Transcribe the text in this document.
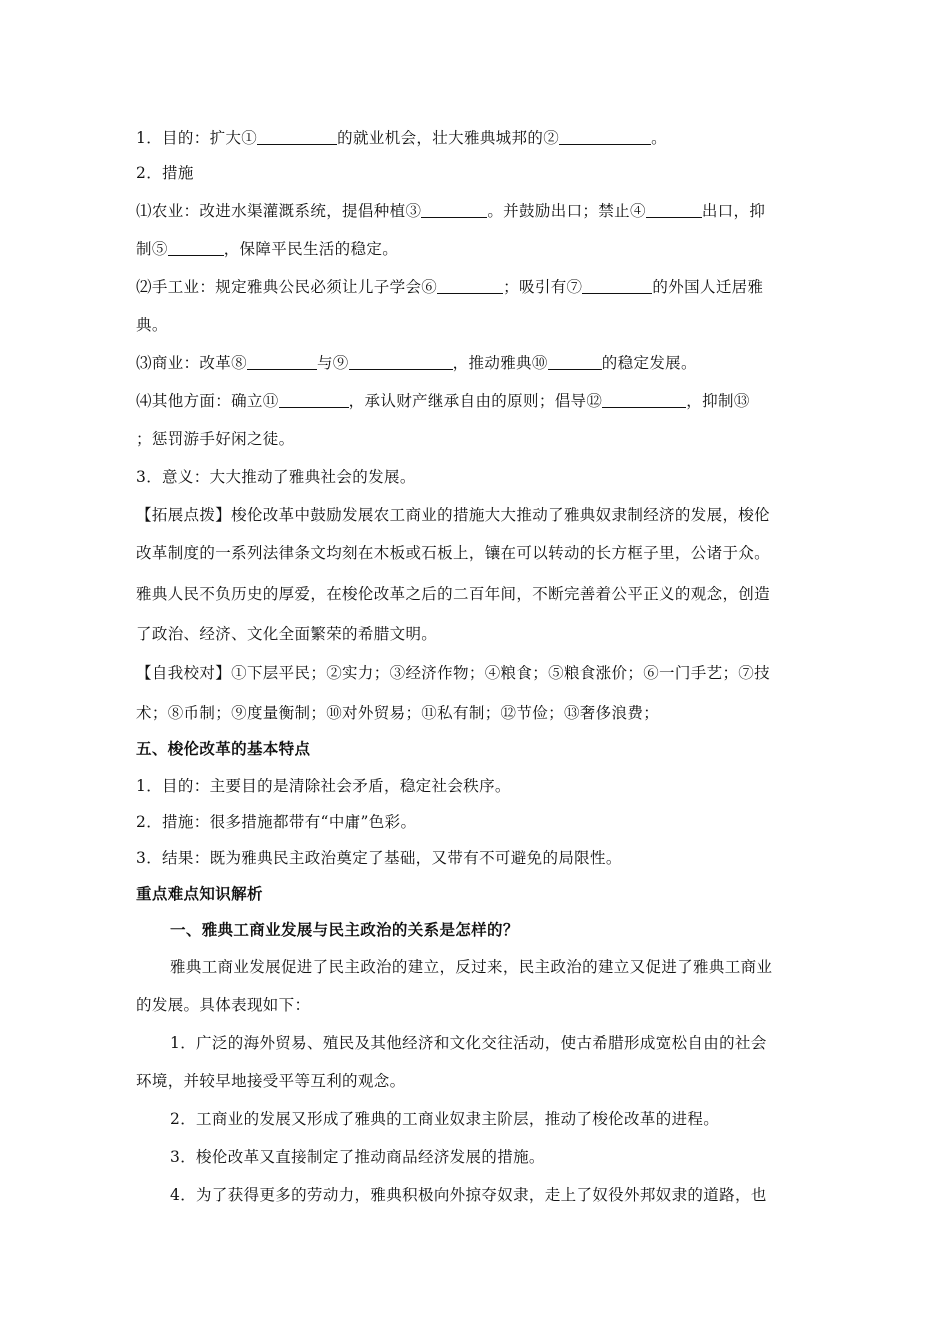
1．目的：扩大①	的就业机会，壮大雅典城邦的②	。
2．措施
⑴农业：改进水渠灌溉系统，提倡种植③	。并鼓励出口；禁止④	出口，抑
制⑤	，保障平民生活的稳定。
⑵手工业：规定雅典公民必须让儿子学会⑥	；吸引有⑦	的外国人迁居雅
典。
⑶商业：改革⑧	与⑨	，推动雅典⑩	的稳定发展。
⑷其他方面：确立⑪	，承认财产继承自由的原则；倡导⑫	，抑制⑬
；惩罚游手好闲之徒。
3．意义：大大推动了雅典社会的发展。
【拓展点拨】梭伦改革中鼓励发展农工商业的措施大大推动了雅典奴隶制经济的发展，梭伦
改革制度的一系列法律条文均刻在木板或石板上，镶在可以转动的长方框子里，公诸于众。
雅典人民不负历史的厚爱，在梭伦改革之后的二百年间，不断完善着公平正义的观念，创造
了政治、经济、文化全面繁荣的希腊文明。
【自我校对】①下层平民；②实力；③经济作物；④粮食；⑤粮食涨价；⑥一门手艺；⑦技
术；⑧币制；⑨度量衡制；⑩对外贸易；⑪私有制；⑫节俭；⑬奢侈浪费；
五、梭伦改革的基本特点
1．目的：主要目的是清除社会矛盾，稳定社会秩序。
2．措施：很多措施都带有“中庸”色彩。
3．结果：既为雅典民主政治奠定了基础，又带有不可避免的局限性。
重点难点知识解析
一、雅典工商业发展与民主政治的关系是怎样的？
雅典工商业发展促进了民主政治的建立，反过来，民主政治的建立又促进了雅典工商业
的发展。具体表现如下：
1．广泛的海外贸易、殖民及其他经济和文化交往活动，使古希腊形成宽松自由的社会
环境，并较早地接受平等互利的观念。
2．工商业的发展又形成了雅典的工商业奴隶主阶层，推动了梭伦改革的进程。
3．梭伦改革又直接制定了推动商品经济发展的措施。
4．为了获得更多的劳动力，雅典积极向外掠夺奴隶，走上了奴役外邦奴隶的道路，也
